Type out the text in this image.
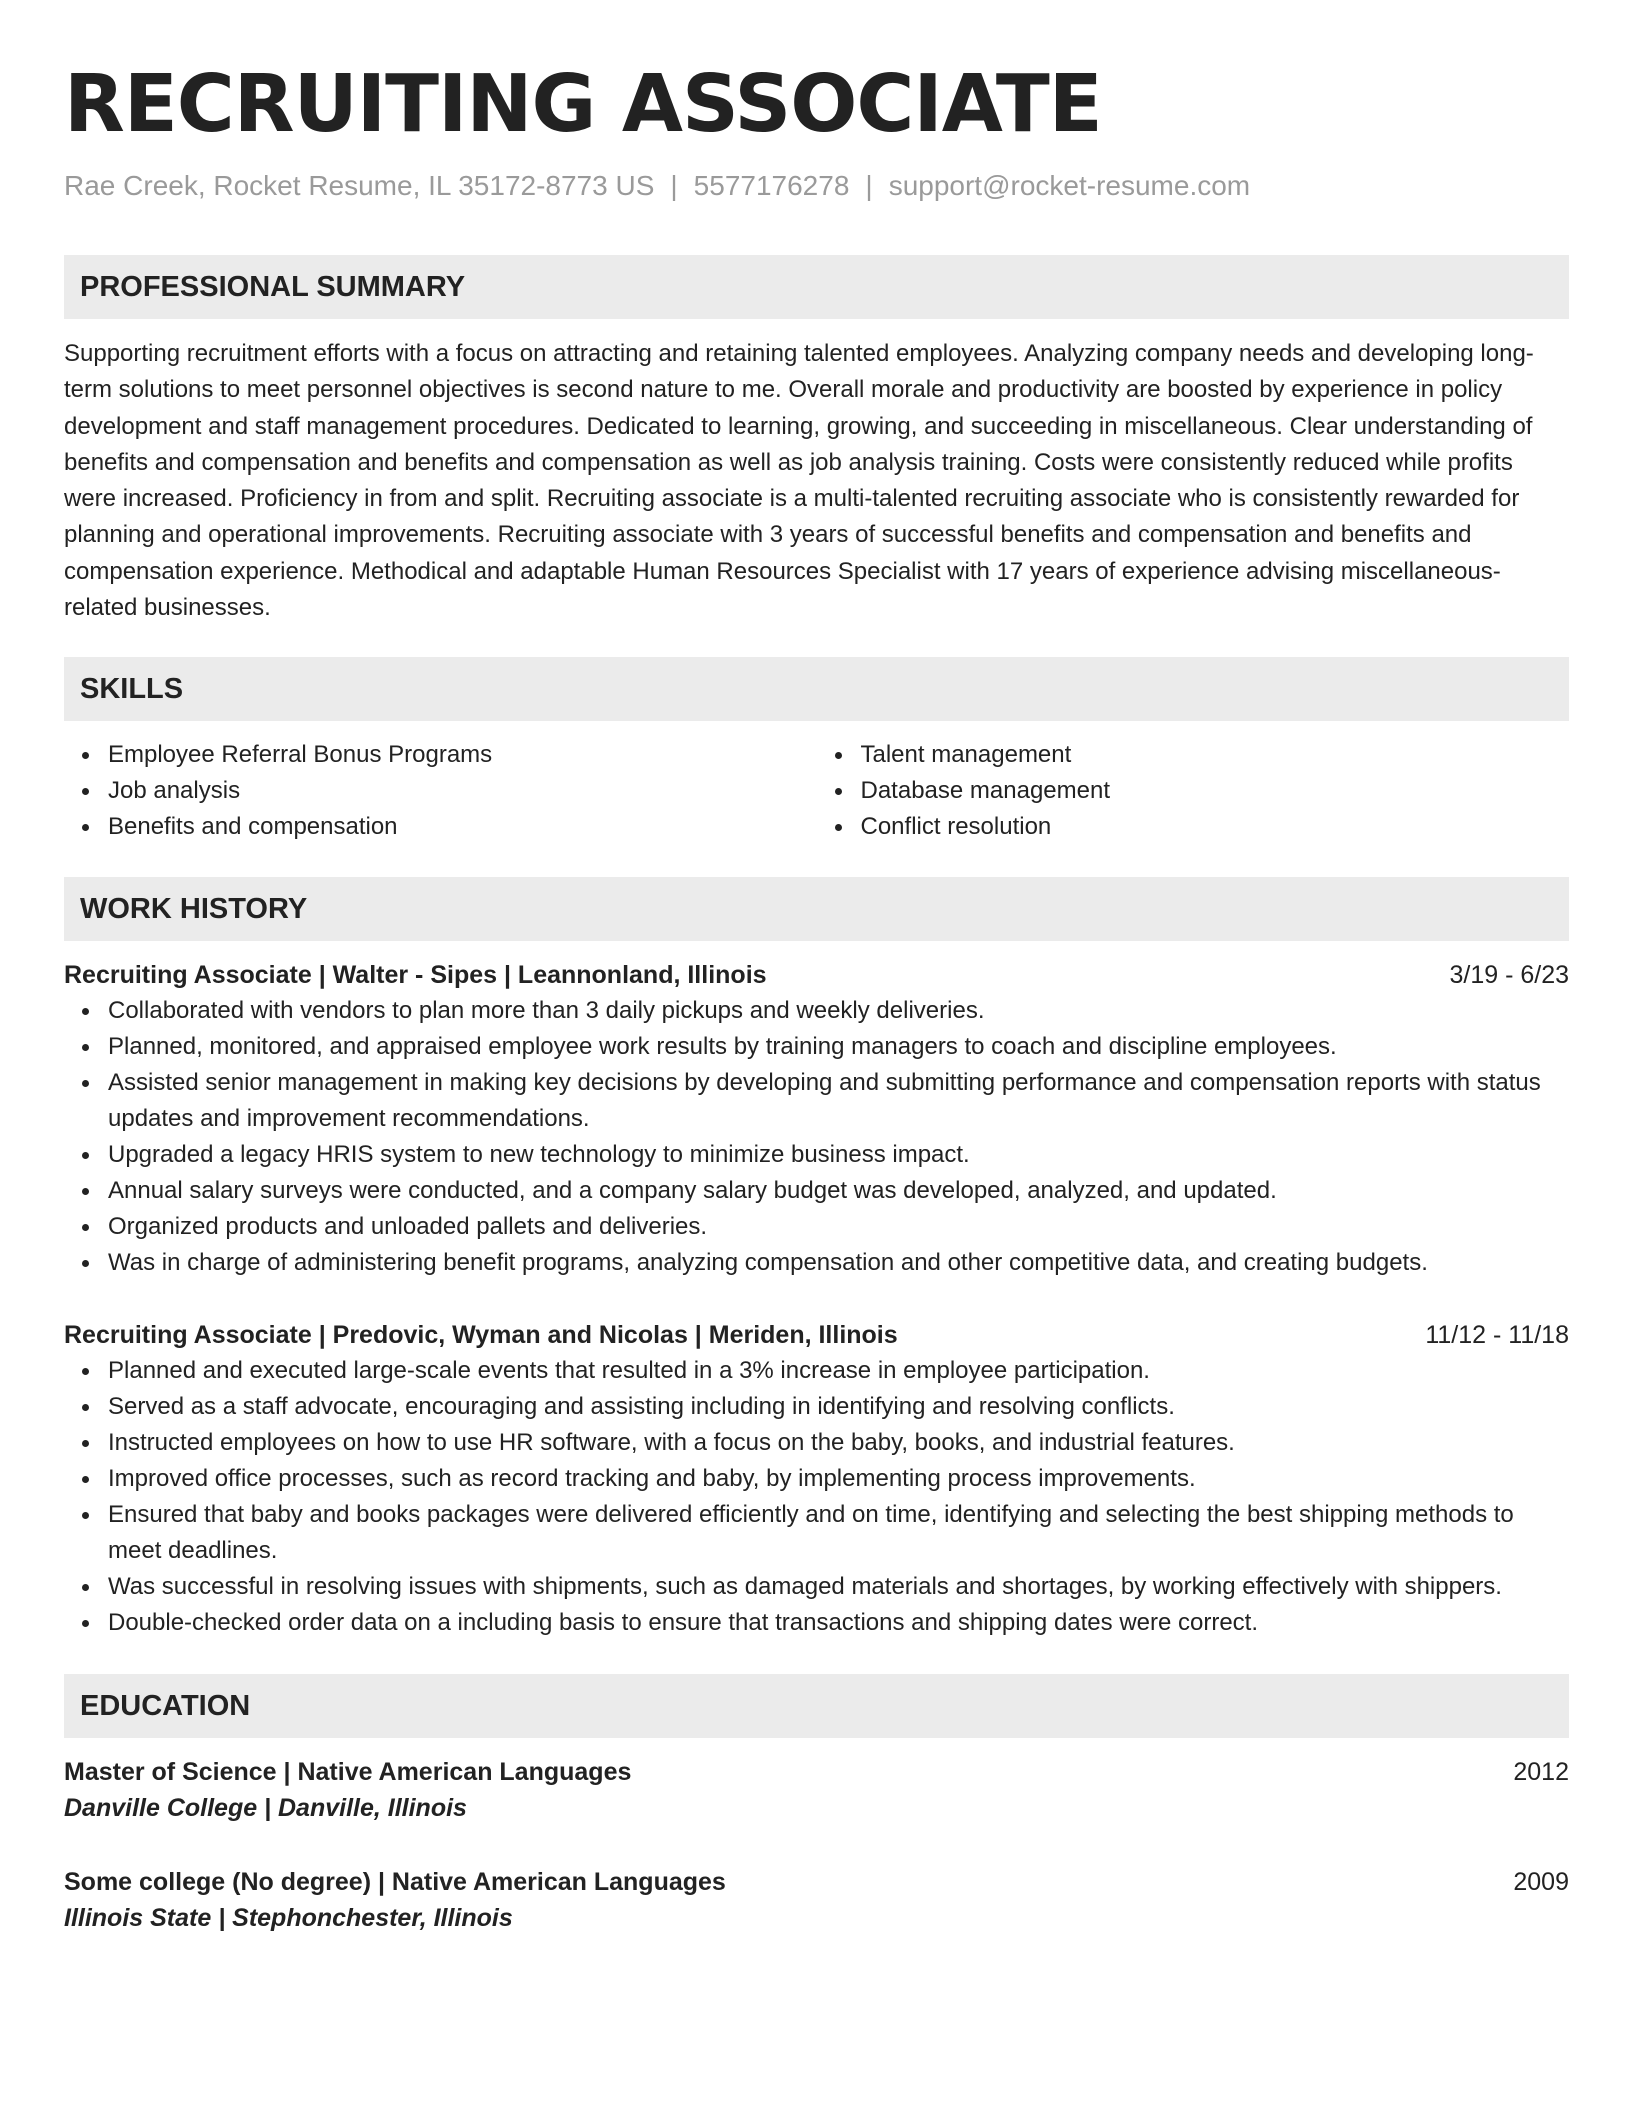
RECRUITING ASSOCIATE
Rae Creek, Rocket Resume, IL 35172-8773 US | 5577176278 | support@rocket-resume.com
PROFESSIONAL SUMMARY

Supporting recruitment efforts with a focus on attracting and retaining talented employees. Analyzing company needs and developing long-term solutions to meet personnel objectives is second nature to me. Overall morale and productivity are boosted by experience in policy development and staff management procedures. Dedicated to learning, growing, and succeeding in miscellaneous. Clear understanding of benefits and compensation and benefits and compensation as well as job analysis training. Costs were consistently reduced while profits were increased. Proficiency in from and split. Recruiting associate is a multi-talented recruiting associate who is consistently rewarded for planning and operational improvements. Recruiting associate with 3 years of successful benefits and compensation and benefits and compensation experience. Methodical and adaptable Human Resources Specialist with 17 years of experience advising miscellaneous-related businesses.

SKILLS
Employee Referral Bonus Programs
Job analysis
Benefits and compensation
Talent management
Database management
Conflict resolution
WORK HISTORY
Recruiting Associate | Walter - Sipes | Leannonland, Illinois	3/19 - 6/23
Collaborated with vendors to plan more than 3 daily pickups and weekly deliveries.
Planned, monitored, and appraised employee work results by training managers to coach and discipline employees.
Assisted senior management in making key decisions by developing and submitting performance and compensation reports with status updates and improvement recommendations.
Upgraded a legacy HRIS system to new technology to minimize business impact.
Annual salary surveys were conducted, and a company salary budget was developed, analyzed, and updated.
Organized products and unloaded pallets and deliveries.
Was in charge of administering benefit programs, analyzing compensation and other competitive data, and creating budgets.
Recruiting Associate | Predovic, Wyman and Nicolas | Meriden, Illinois	11/12 - 11/18
Planned and executed large-scale events that resulted in a 3% increase in employee participation.
Served as a staff advocate, encouraging and assisting including in identifying and resolving conflicts.
Instructed employees on how to use HR software, with a focus on the baby, books, and industrial features.
Improved office processes, such as record tracking and baby, by implementing process improvements.
Ensured that baby and books packages were delivered efficiently and on time, identifying and selecting the best shipping methods to meet deadlines.
Was successful in resolving issues with shipments, such as damaged materials and shortages, by working effectively with shippers.
Double-checked order data on a including basis to ensure that transactions and shipping dates were correct.
EDUCATION
Master of Science | Native American Languages	2012
Danville College | Danville, Illinois
Some college (No degree) | Native American Languages	2009
Illinois State | Stephonchester, Illinois
